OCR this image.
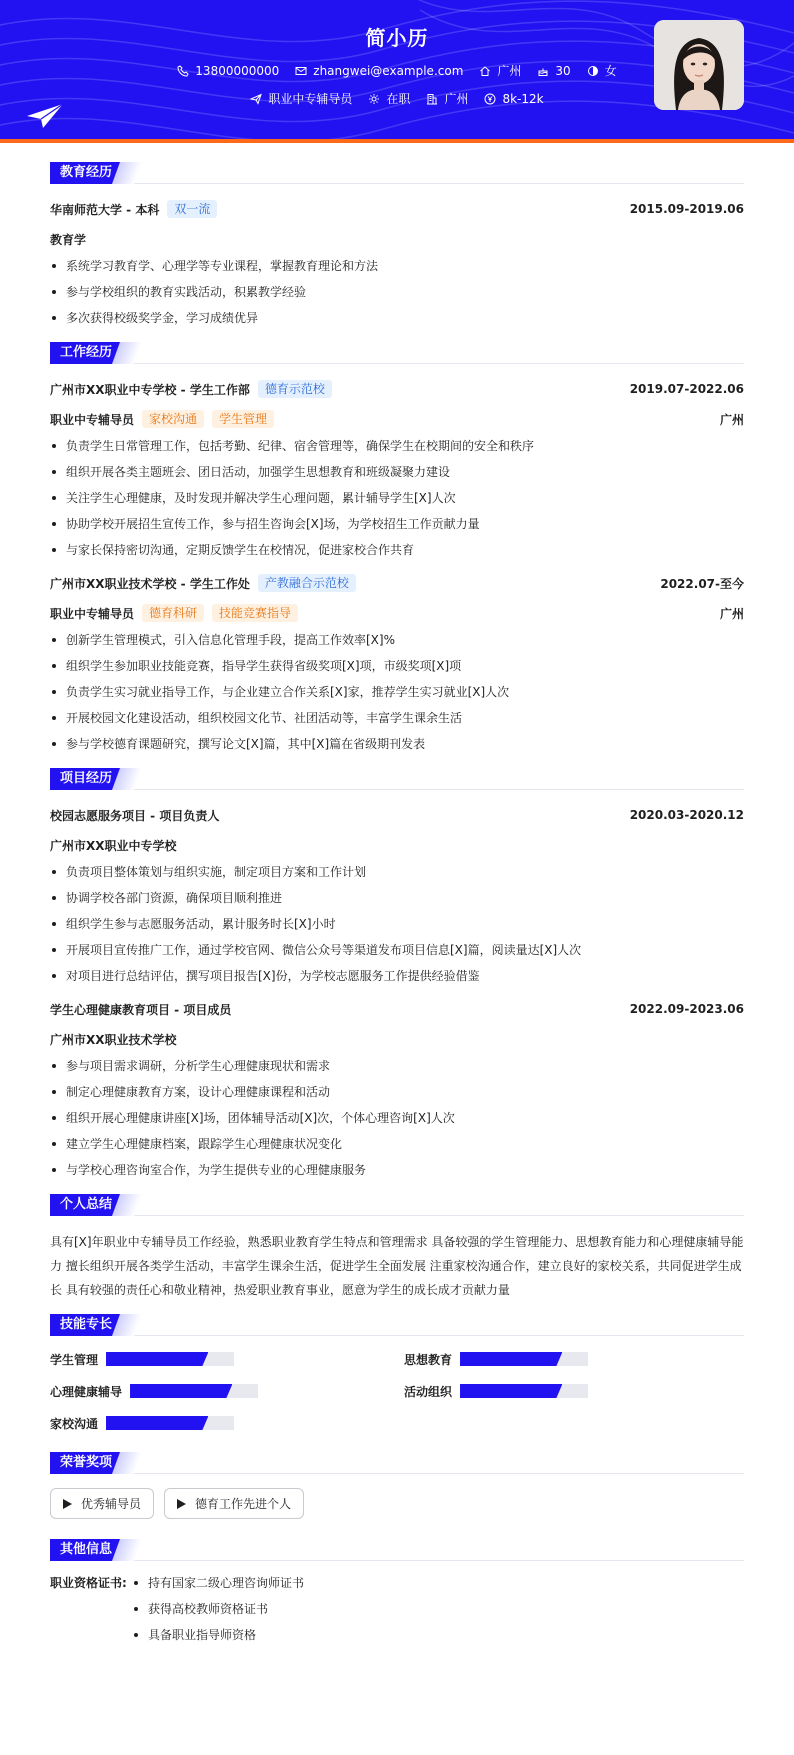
简小历
13800000000	zhangwei@example.com	广州	30	女
职业中专辅导员	在职	广州	8k-12k
教育经历
华南师范大学 - 本科	双一流	2015.09-2019.06
教育学
系统学习教育学、心理学等专业课程，掌握教育理论和方法
参与学校组织的教育实践活动，积累教学经验
多次获得校级奖学金，学习成绩优异
工作经历
广州市XX职业中专学校 - 学生工作部	德育示范校	2019.07-2022.06
职业中专辅导员	家校沟通	学生管理	广州
负责学生日常管理工作，包括考勤、纪律、宿舍管理等，确保学生在校期间的安全和秩序
组织开展各类主题班会、团日活动，加强学生思想教育和班级凝聚力建设
关注学生心理健康，及时发现并解决学生心理问题，累计辅导学生[X]人次
协助学校开展招生宣传工作，参与招生咨询会[X]场，为学校招生工作贡献力量
与家长保持密切沟通，定期反馈学生在校情况，促进家校合作共育
广州市XX职业技术学校 - 学生工作处	产教融合示范校	2022.07-至今
职业中专辅导员	德育科研	技能竞赛指导	广州
创新学生管理模式，引入信息化管理手段，提高工作效率[X]%
组织学生参加职业技能竞赛，指导学生获得省级奖项[X]项，市级奖项[X]项
负责学生实习就业指导工作，与企业建立合作关系[X]家，推荐学生实习就业[X]人次
开展校园文化建设活动，组织校园文化节、社团活动等，丰富学生课余生活
参与学校德育课题研究，撰写论文[X]篇，其中[X]篇在省级期刊发表
项目经历
校园志愿服务项目 - 项目负责人	2020.03-2020.12
广州市XX职业中专学校
负责项目整体策划与组织实施，制定项目方案和工作计划
协调学校各部门资源，确保项目顺利推进
组织学生参与志愿服务活动，累计服务时长[X]小时
开展项目宣传推广工作，通过学校官网、微信公众号等渠道发布项目信息[X]篇，阅读量达[X]人次
对项目进行总结评估，撰写项目报告[X]份，为学校志愿服务工作提供经验借鉴
学生心理健康教育项目 - 项目成员	2022.09-2023.06
广州市XX职业技术学校
参与项目需求调研，分析学生心理健康现状和需求
制定心理健康教育方案，设计心理健康课程和活动
组织开展心理健康讲座[X]场，团体辅导活动[X]次，个体心理咨询[X]人次
建立学生心理健康档案，跟踪学生心理健康状况变化
与学校心理咨询室合作，为学生提供专业的心理健康服务
个人总结

具有[X]年职业中专辅导员工作经验，熟悉职业教育学生特点和管理需求 具备较强的学生管理能力、思想教育能力和心理健康辅导能力 擅长组织开展各类学生活动，丰富学生课余生活，促进学生全面发展 注重家校沟通合作，建立良好的家校关系，共同促进学生成长 具有较强的责任心和敬业精神，热爱职业教育事业，愿意为学生的成长成才贡献力量

技能专长
学生管理	思想教育
心理健康辅导	活动组织
家校沟通
荣誉奖项
优秀辅导员	德育工作先进个人
其他信息
职业资格证书:	持有国家二级心理咨询师证书
获得高校教师资格证书
具备职业指导师资格
